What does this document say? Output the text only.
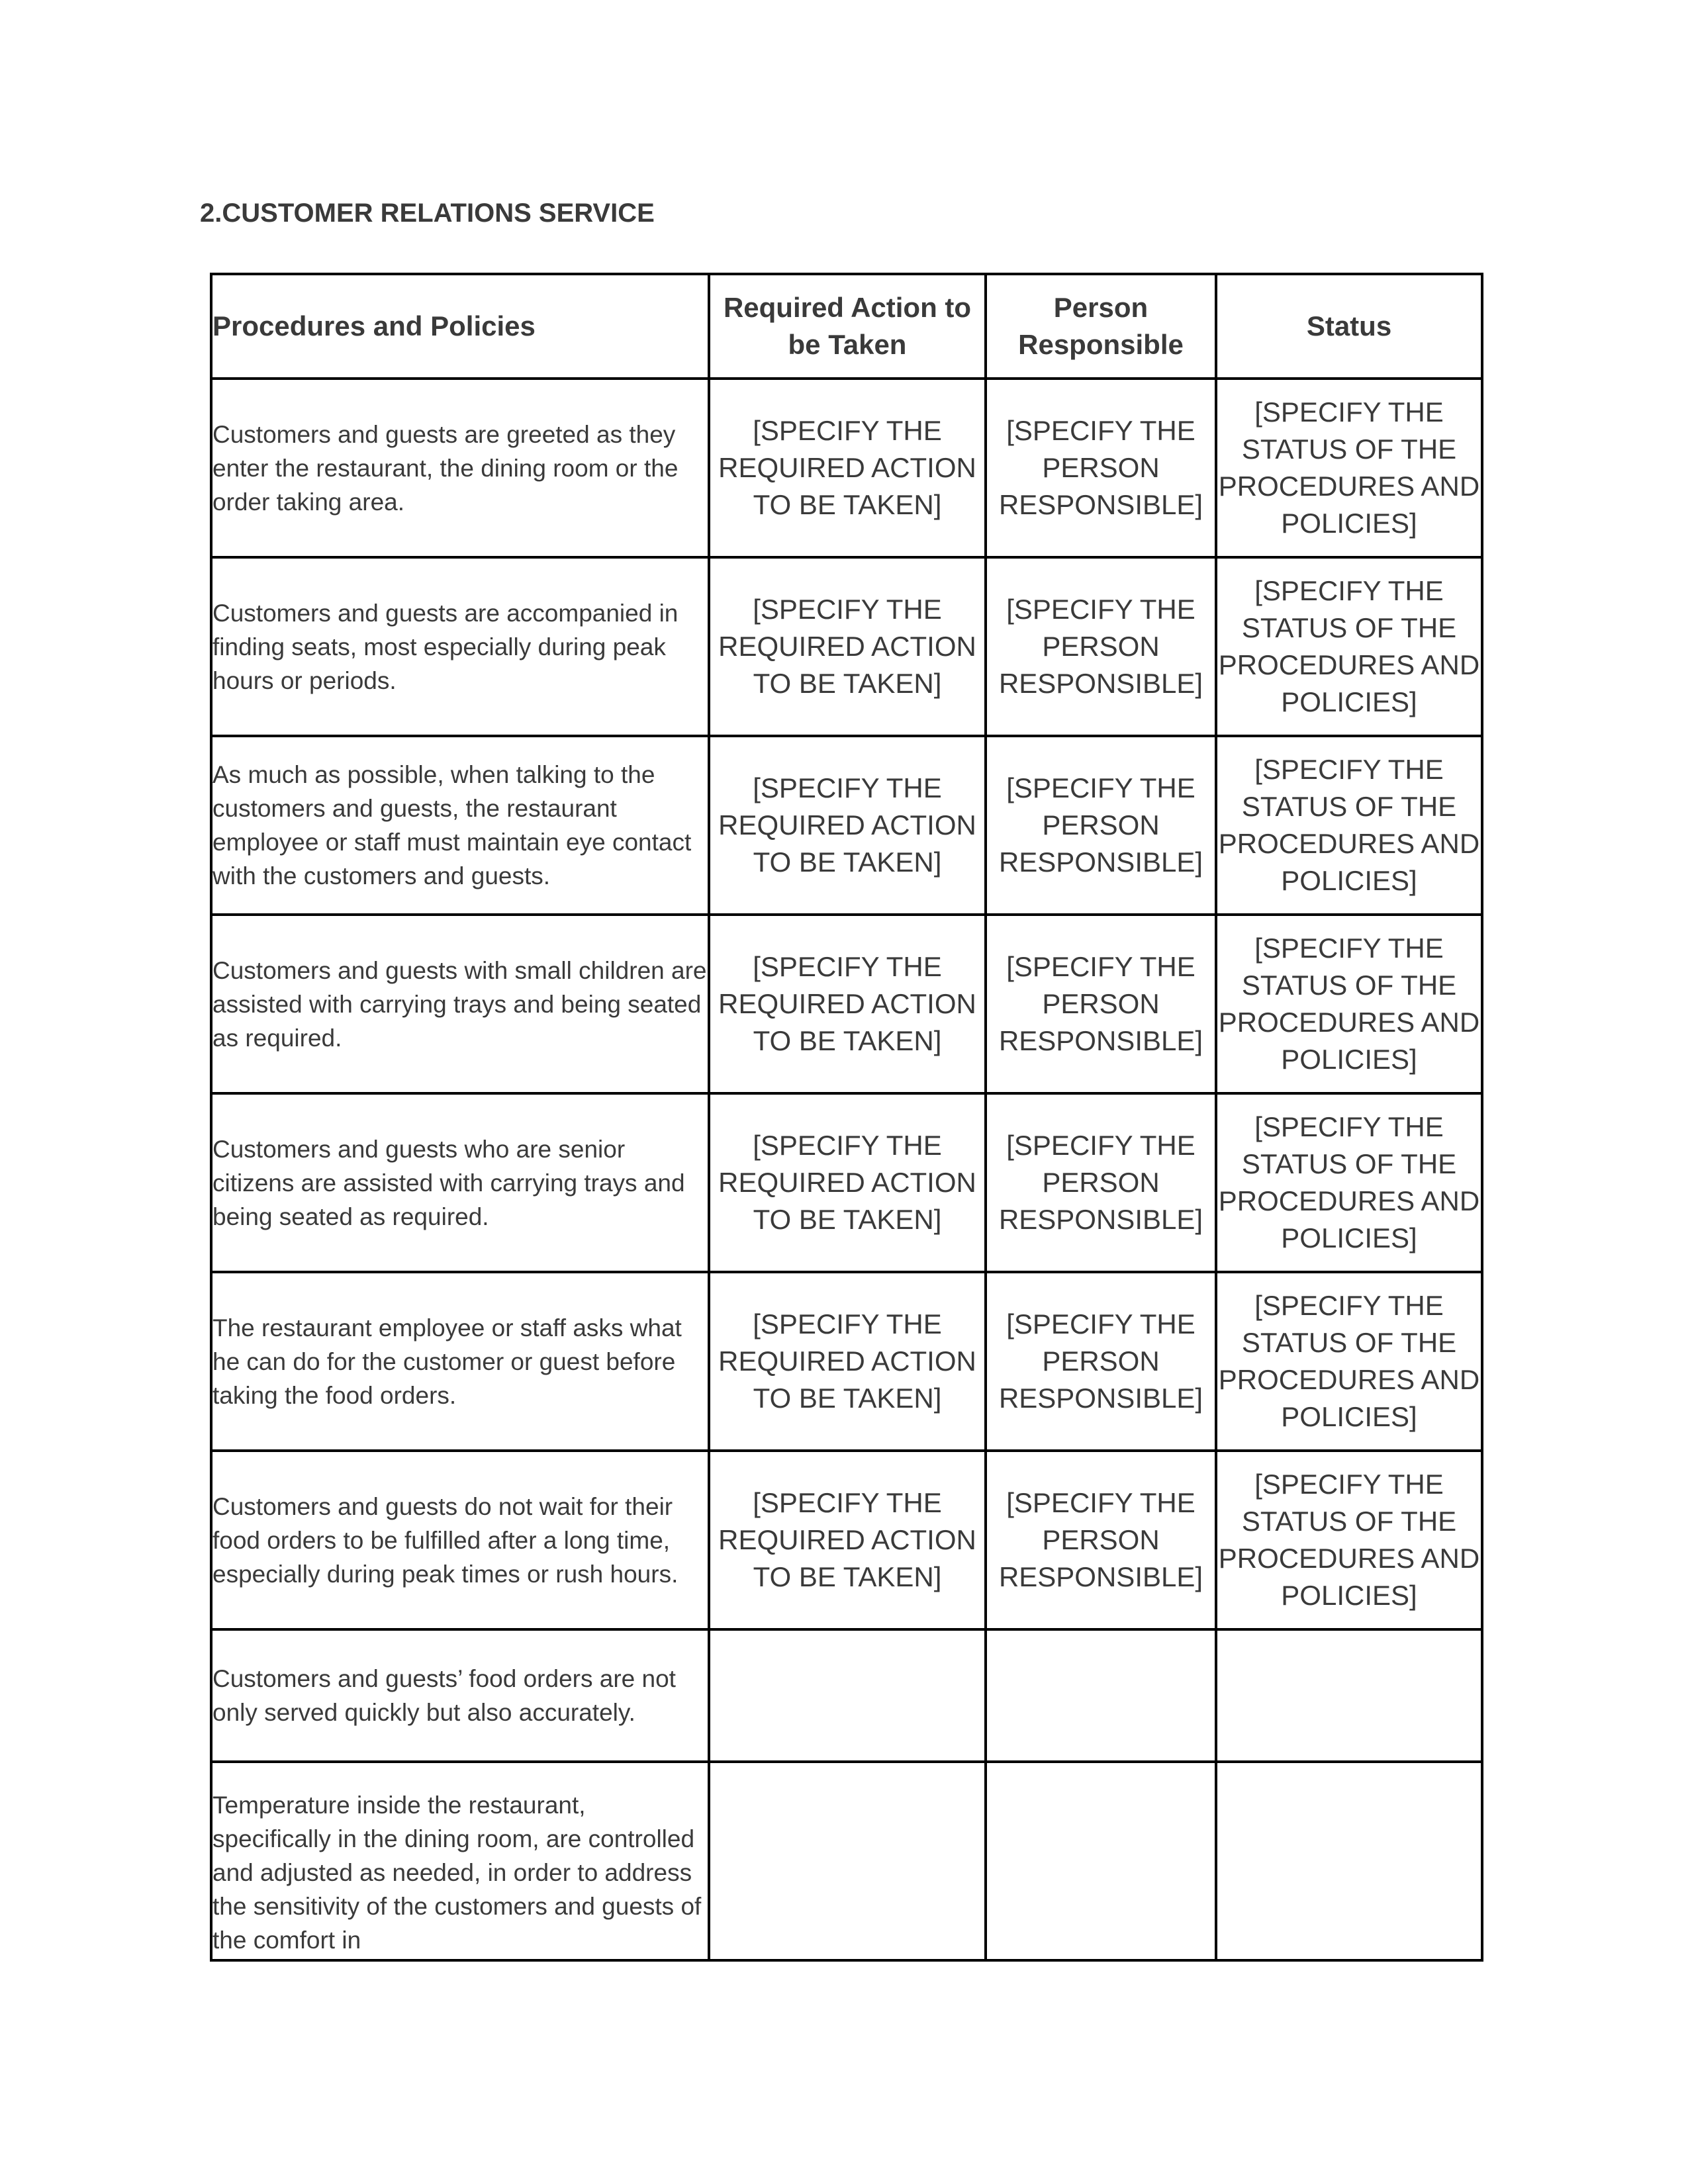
2.CUSTOMER RELATIONS SERVICE
Procedures and Policies	Required Action to be Taken	Person Responsible	Status
Customers and guests are greeted as they enter the restaurant, the dining room or the order taking area.	[SPECIFY THE REQUIRED ACTION TO BE TAKEN]	[SPECIFY THE PERSON RESPONSIBLE]	[SPECIFY THE STATUS OF THE PROCEDURES AND POLICIES]
Customers and guests are accompanied in finding seats, most especially during peak hours or periods.	[SPECIFY THE REQUIRED ACTION TO BE TAKEN]	[SPECIFY THE PERSON RESPONSIBLE]	[SPECIFY THE STATUS OF THE PROCEDURES AND POLICIES]
As much as possible, when talking to the customers and guests, the restaurant employee or staff must maintain eye contact with the customers and guests.	[SPECIFY THE REQUIRED ACTION TO BE TAKEN]	[SPECIFY THE PERSON RESPONSIBLE]	[SPECIFY THE STATUS OF THE PROCEDURES AND POLICIES]
Customers and guests with small children are assisted with carrying trays and being seated as required.	[SPECIFY THE REQUIRED ACTION TO BE TAKEN]	[SPECIFY THE PERSON RESPONSIBLE]	[SPECIFY THE STATUS OF THE PROCEDURES AND POLICIES]
Customers and guests who are senior citizens are assisted with carrying trays and being seated as required.	[SPECIFY THE REQUIRED ACTION TO BE TAKEN]	[SPECIFY THE PERSON RESPONSIBLE]	[SPECIFY THE STATUS OF THE PROCEDURES AND POLICIES]
The restaurant employee or staff asks what he can do for the customer or guest before taking the food orders.	[SPECIFY THE REQUIRED ACTION TO BE TAKEN]	[SPECIFY THE PERSON RESPONSIBLE]	[SPECIFY THE STATUS OF THE PROCEDURES AND POLICIES]
Customers and guests do not wait for their food orders to be fulfilled after a long time, especially during peak times or rush hours.	[SPECIFY THE REQUIRED ACTION TO BE TAKEN]	[SPECIFY THE PERSON RESPONSIBLE]	[SPECIFY THE STATUS OF THE PROCEDURES AND POLICIES]
Customers and guests’ food orders are not only served quickly but also accurately.			
Temperature inside the restaurant, specifically in the dining room, are controlled and adjusted as needed, in order to address the sensitivity of the customers and guests of the comfort in			
